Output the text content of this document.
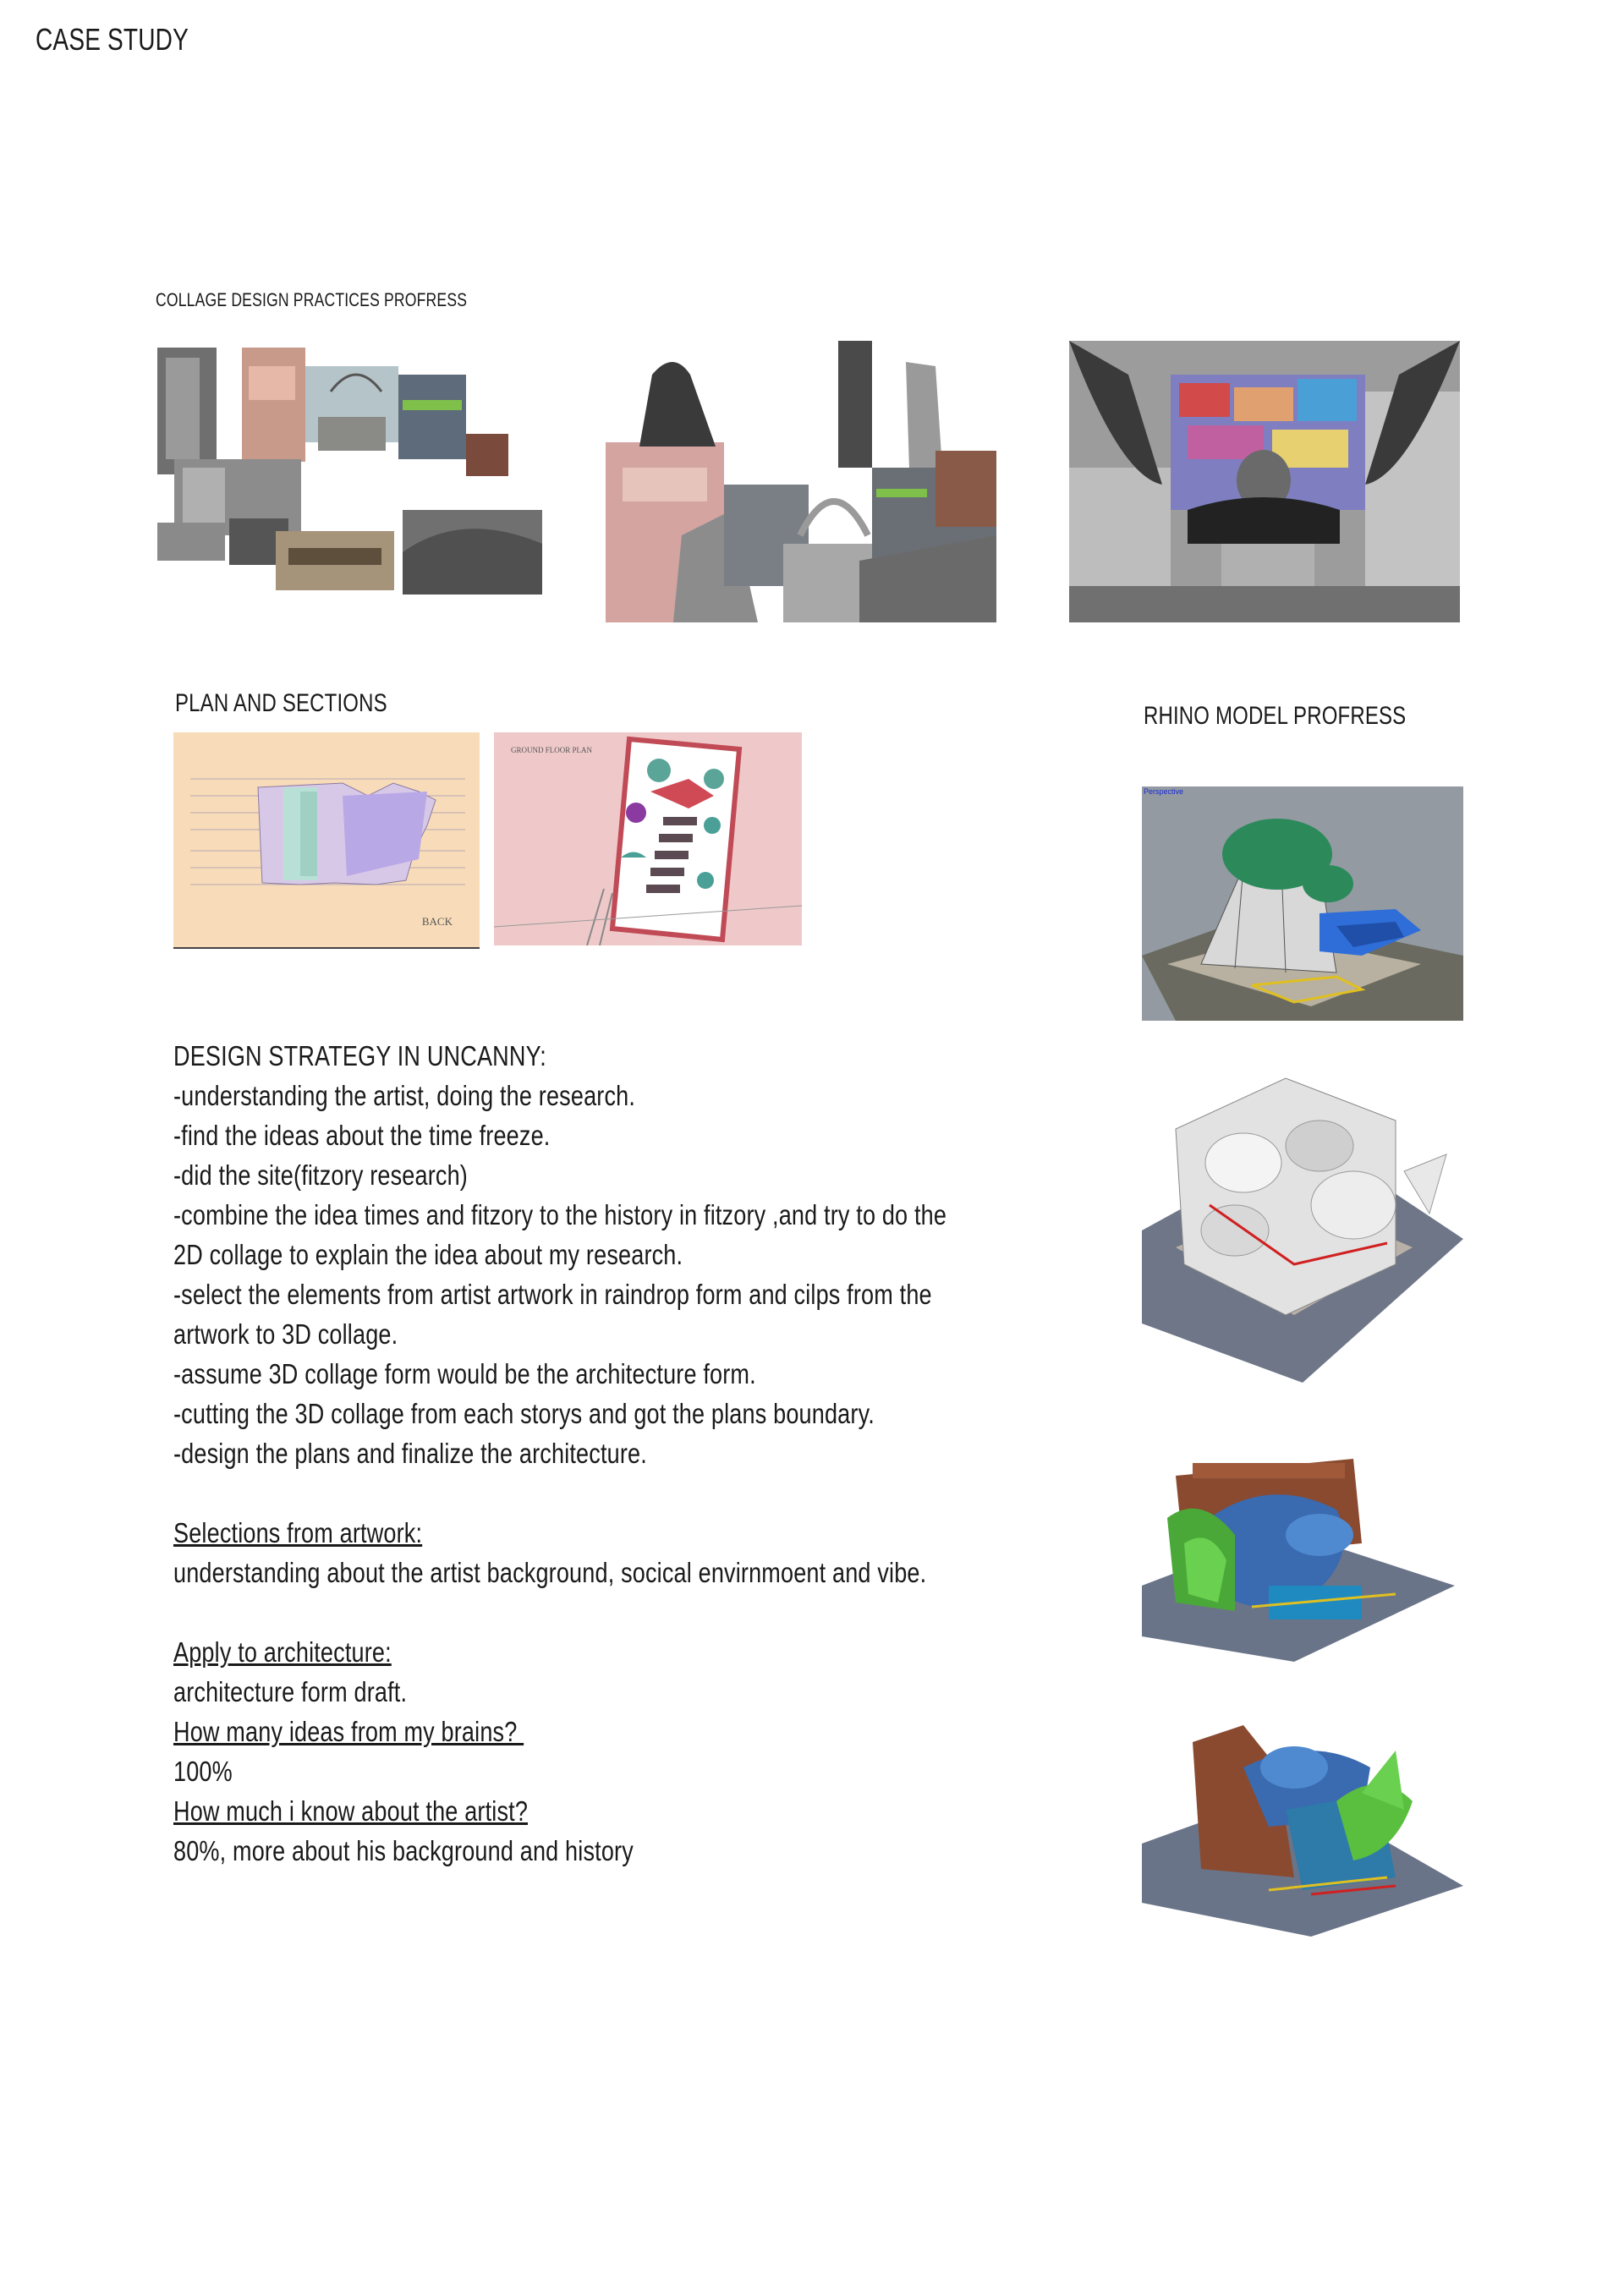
CASE STUDY
COLLAGE DESIGN PRACTICES PROFRESS
PLAN AND SECTIONS
BACK
GROUND FLOOR PLAN
RHINO MODEL PROFRESS
Perspective
DESIGN STRATEGY IN UNCANNY:
-understanding the artist, doing the research.
-find the ideas about the time freeze.
-did the site(fitzory research)
-combine the idea times and fitzory to the history in fitzory ,and try to do the
2D collage to explain the idea about my research.
-select the elements from artist artwork in raindrop form and cilps from the
artwork to 3D collage.
-assume 3D collage form would be the architecture form.
-cutting the 3D collage from each storys and got the plans boundary.
-design the plans and finalize the architecture.
Selections from artwork:
understanding about the artist background, socical envirnmoent and vibe.
Apply to architecture:
architecture form draft.
How many ideas from my brains?
100%
How much i know about the artist?
80%, more about his background and history
